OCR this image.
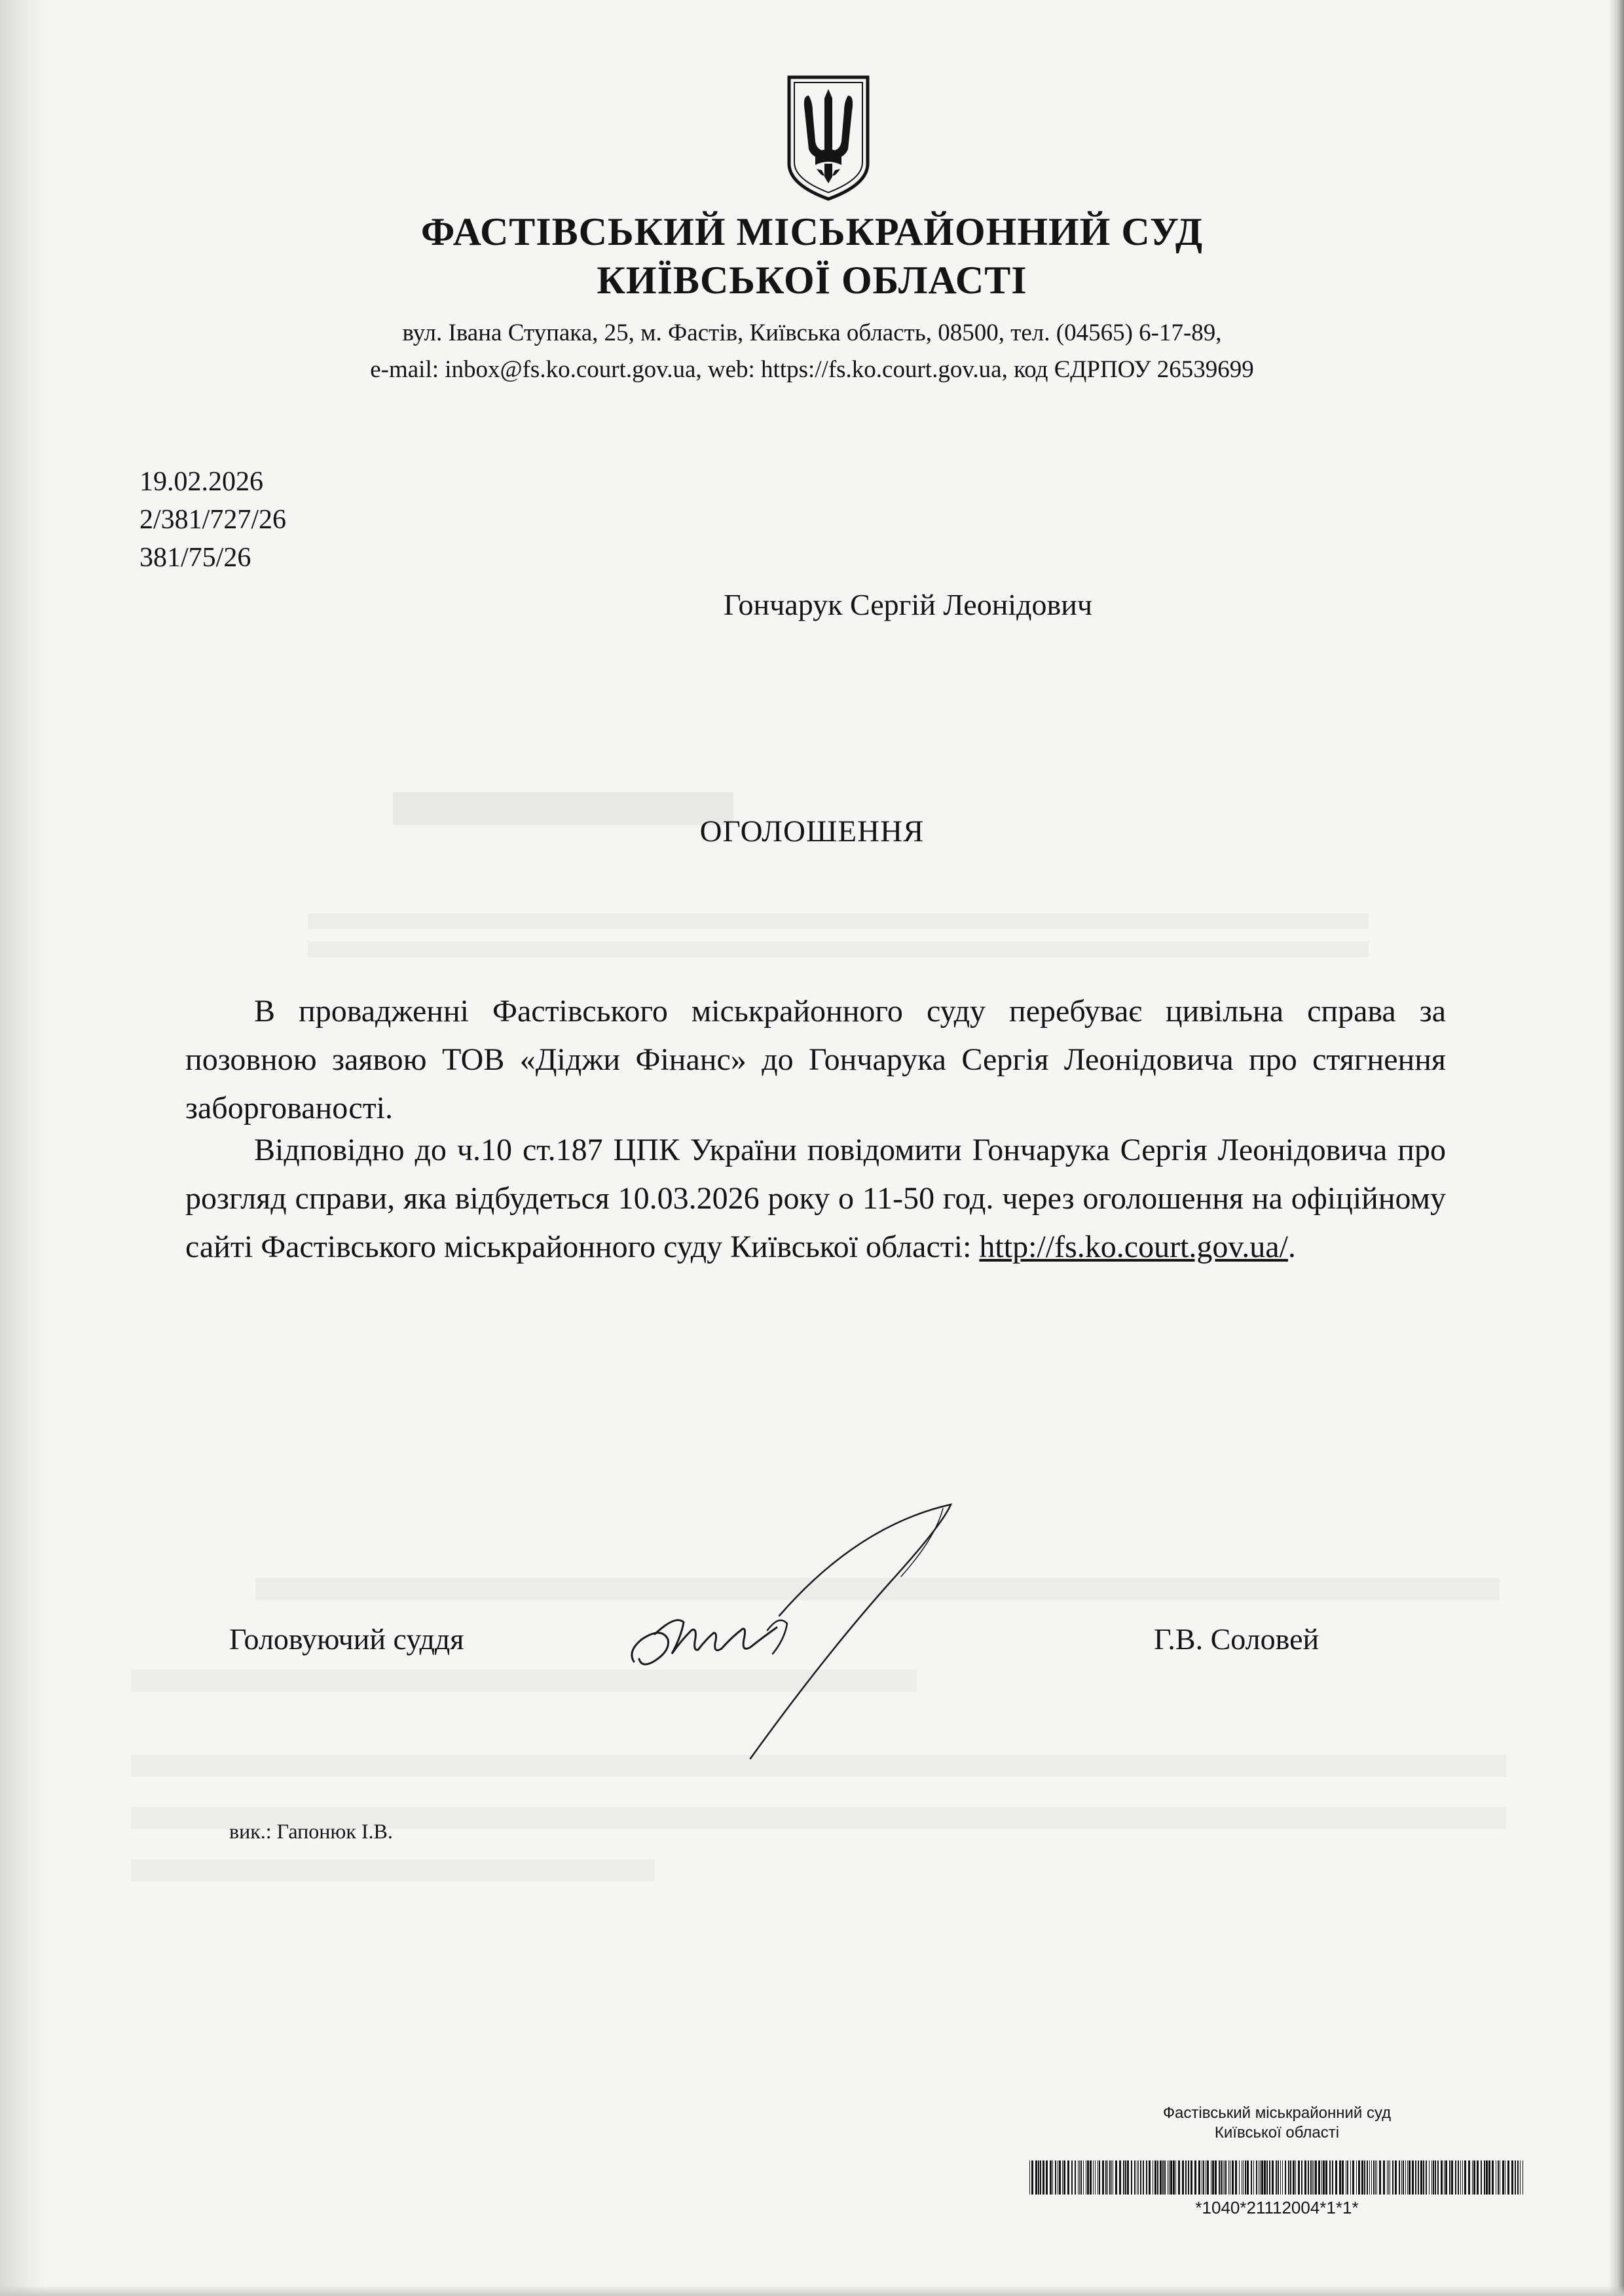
ФАСТІВСЬКИЙ МІСЬКРАЙОННИЙ СУД
КИЇВСЬКОЇ ОБЛАСТІ
вул. Івана Ступака, 25, м. Фастів, Київська область, 08500, тел. (04565) 6-17-89,
e-mail: inbox@fs.ko.court.gov.ua, web: https://fs.ko.court.gov.ua, код ЄДРПОУ 26539699
19.02.2026
2/381/727/26
381/75/26
Гончарук Сергій Леонідович
ОГОЛОШЕННЯ

В провадженні Фастівського міськрайонного суду перебуває цивільна справа за позовною заявою ТОВ «Діджи Фінанс» до Гончарука Сергія Леонідовича про стягнення заборгованості.

Відповідно до ч.10 ст.187 ЦПК України повідомити Гончарука Сергія Леонідовича про розгляд справи, яка відбудеться 10.03.2026 року о 11-50 год. через оголошення на офіційному сайті Фастівського міськрайонного суду Київської області: http://fs.ko.court.gov.ua/.

Головуючий суддя	Г.В. Соловей
вик.: Гапонюк І.В.
Фастівський міськрайонний суд
Київської області
*1040*21112004*1*1*
